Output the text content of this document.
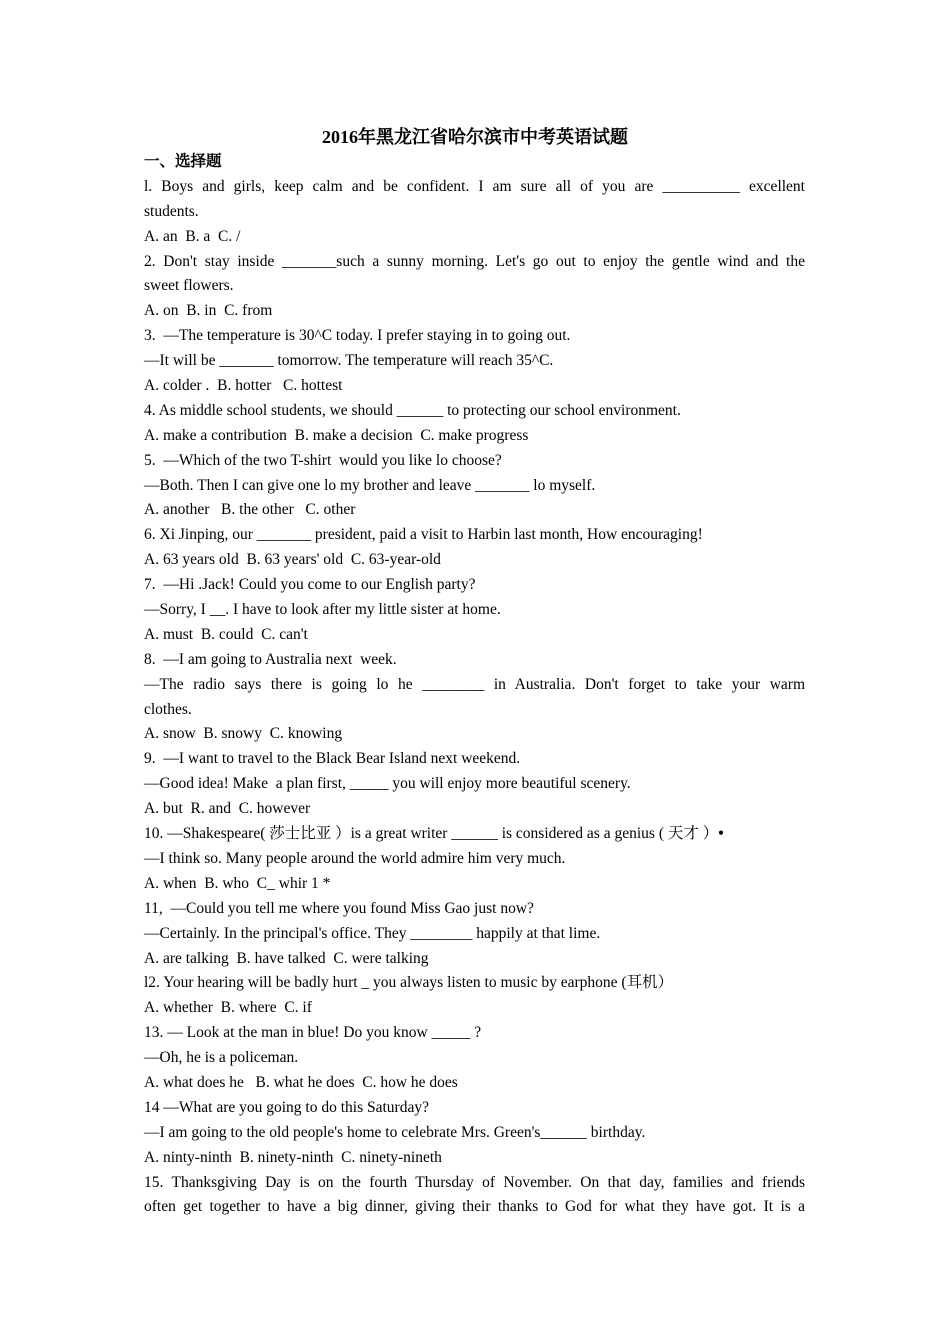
2016年黑龙江省哈尔滨市中考英语试题
一、选择题
l. Boys and girls, keep calm and be confident. I am sure all of you are __________ excellent
students.
A. an  B. a  C. /
2. Don't stay inside _______such a sunny morning. Let's go out to enjoy the gentle wind and the
sweet flowers.
A. on  B. in  C. from
3.  —The temperature is 30^C today. I prefer staying in to going out.
—It will be _______ tomorrow. The temperature will reach 35^C.
A. colder .  B. hotter   C. hottest
4. As middle school students, we should ______ to protecting our school environment.
A. make a contribution  B. make a decision  C. make progress
5.  —Which of the two T-shirt  would you like lo choose?
—Both. Then I can give one lo my brother and leave _______ lo myself.
A. another   B. the other   C. other
6. Xi Jinping, our _______ president, paid a visit to Harbin last month, How encouraging!
A. 63 years old  B. 63 years' old  C. 63-year-old
7.  —Hi .Jack! Could you come to our English party?
—Sorry, I __. I have to look after my little sister at home.
A. must  B. could  C. can't
8.  —I am going to Australia next  week.
—The radio says there is going lo he ________ in Australia. Don't forget to take your warm
clothes.
A. snow  B. snowy  C. knowing
9.  —I want to travel to the Black Bear Island next weekend.
—Good idea! Make  a plan first, _____ you will enjoy more beautiful scenery.
A. but  R. and  C. however
10. —Shakespeare( 莎士比亚 ）is a great writer ______ is considered as a genius ( 天才 ）•
—I think so. Many people around the world admire him very much.
A. when  B. who  C_ whir 1 *
11,  —Could you tell me where you found Miss Gao just now?
—Certainly. In the principal's office. They ________ happily at that lime.
A. are talking  B. have talked  C. were talking
l2. Your hearing will be badly hurt _ you always listen to music by earphone (耳机）
A. whether  B. where  C. if
13. — Look at the man in blue! Do you know _____ ?
—Oh, he is a policeman.
A. what does he   B. what he does  C. how he does
14 —What are you going to do this Saturday?
—I am going to the old people's home to celebrate Mrs. Green's______ birthday.
A. ninty-ninth  B. ninety-ninth  C. ninety-nineth
15. Thanksgiving Day is on the fourth Thursday of November. On that day, families and friends
often get together to have a big dinner, giving their thanks to God for what they have got. It is a
